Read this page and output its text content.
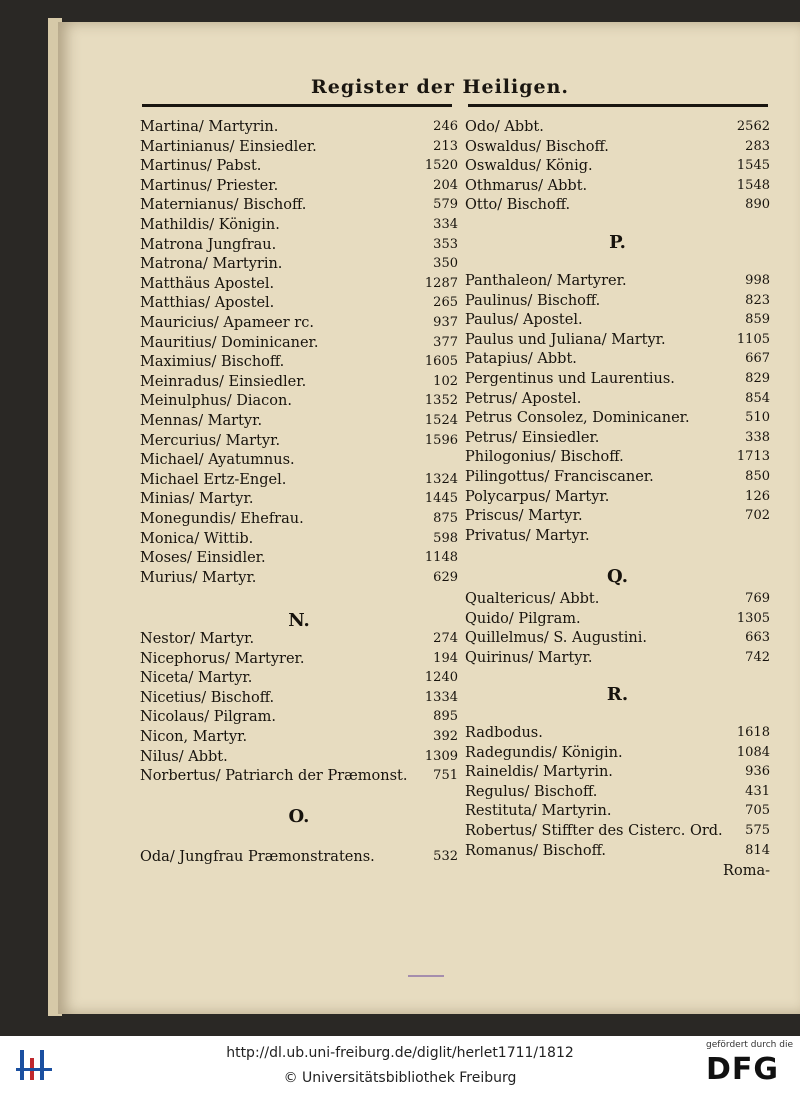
Register der Heiligen.
Martina/ Martyrin.	246
Martinianus/ Einsiedler.	213
Martinus/ Pabst.	1520
Martinus/ Priester.	204
Maternianus/ Bischoff.	579
Mathildis/ Königin.	334
Matrona Jungfrau.	353
Matrona/ Martyrin.	350
Matthäus Apostel.	1287
Matthias/ Apostel.	265
Mauricius/ Apameer rc.	937
Mauritius/ Dominicaner.	377
Maximius/ Bischoff.	1605
Meinradus/ Einsiedler.	102
Meinulphus/ Diacon.	1352
Mennas/ Martyr.	1524
Mercurius/ Martyr.	1596
Michael/ Ayatumnus.
Michael Ertz-Engel.	1324
Minias/ Martyr.	1445
Monegundis/ Ehefrau.	875
Monica/ Wittib.	598
Moses/ Einsidler.	1148
Murius/ Martyr.	629
N.
Nestor/ Martyr.	274
Nicephorus/ Martyrer.	194
Niceta/ Martyr.	1240
Nicetius/ Bischoff.	1334
Nicolaus/ Pilgram.	895
Nicon, Martyr.	392
Nilus/ Abbt.	1309
Norbertus/ Patriarch der Præmonst. 751
O.
Oda/ Jungfrau Præmonstratens.	532
Odo/ Abbt.	2562
Oswaldus/ Bischoff.	283
Oswaldus/ König.	1545
Othmarus/ Abbt.	1548
Otto/ Bischoff.	890
P.
Panthaleon/ Martyrer.	998
Paulinus/ Bischoff.	823
Paulus/ Apostel.	859
Paulus und Juliana/ Martyr.	1105
Patapius/ Abbt.	667
Pergentinus und Laurentius.	829
Petrus/ Apostel.	854
Petrus Consolez, Dominicaner.	510
Petrus/ Einsiedler.	338
Philogonius/ Bischoff.	1713
Pilingottus/ Franciscaner.	850
Polycarpus/ Martyr.	126
Priscus/ Martyr.	702
Privatus/ Martyr.
Q.
Qualtericus/ Abbt.	769
Quido/ Pilgram.	1305
Quillelmus/ S. Augustini.	663
Quirinus/ Martyr.	742
R.
Radbodus.	1618
Radegundis/ Königin.	1084
Raineldis/ Martyrin.	936
Regulus/ Bischoff.	431
Restituta/ Martyrin.	705
Robertus/ Stiffter des Cisterc. Ord. 575
Romanus/ Bischoff.	814
Roma-
http://dl.ub.uni-freiburg.de/diglit/herlet1711/1812
© Universitätsbibliothek Freiburg
gefördert durch die
DFG
